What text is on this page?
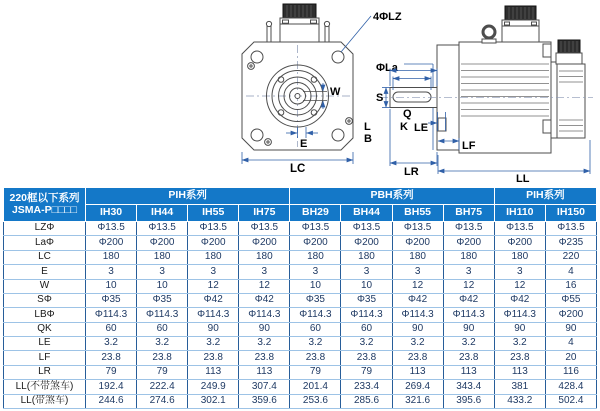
4ΦLZ
ΦLa
W
E
LC
S
Q
K
L
B
LE
LF
LR
LL
220框以下系列
JSMA-P□□□□	PIH系列				PBH系列				PIH系列	
	IH30	IH44	IH55	IH75	BH29	BH44	BH55	BH75	IH110	IH150
LZΦ	Φ13.5	Φ13.5	Φ13.5	Φ13.5	Φ13.5	Φ13.5	Φ13.5	Φ13.5	Φ13.5	Φ13.5
LaΦ	Φ200	Φ200	Φ200	Φ200	Φ200	Φ200	Φ200	Φ200	Φ200	Φ235
LC	180	180	180	180	180	180	180	180	180	220
E	3	3	3	3	3	3	3	3	3	4
W	10	10	12	12	10	10	12	12	12	16
SΦ	Φ35	Φ35	Φ42	Φ42	Φ35	Φ35	Φ42	Φ42	Φ42	Φ55
LBΦ	Φ114.3	Φ114.3	Φ114.3	Φ114.3	Φ114.3	Φ114.3	Φ114.3	Φ114.3	Φ114.3	Φ200
QK	60	60	90	90	60	60	90	90	90	90
LE	3.2	3.2	3.2	3.2	3.2	3.2	3.2	3.2	3.2	4
LF	23.8	23.8	23.8	23.8	23.8	23.8	23.8	23.8	23.8	20
LR	79	79	113	113	79	79	113	113	113	116
LL(不带煞车)	192.4	222.4	249.9	307.4	201.4	233.4	269.4	343.4	381	428.4
LL(带煞车)	244.6	274.6	302.1	359.6	253.6	285.6	321.6	395.6	433.2	502.4
